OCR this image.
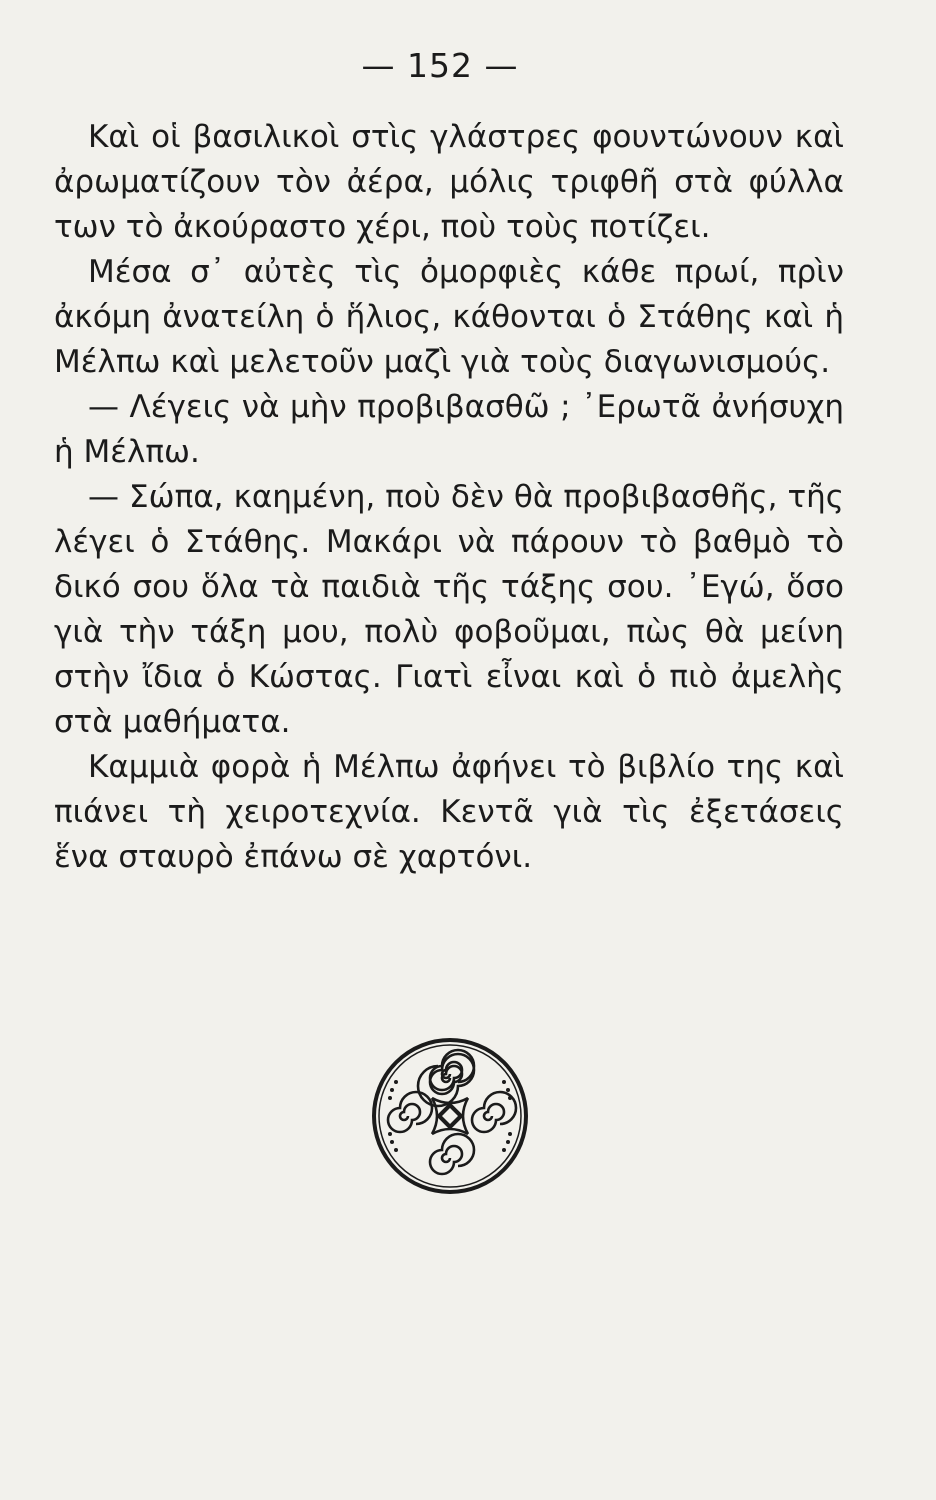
— 152 —

Καὶ οἱ βασιλικοὶ στὶς γλάστρες φουντώνουν καὶ ἀρωματίζουν τὸν ἀέρα, μόλις τριφθῆ στὰ φύλλα των τὸ ἀκούραστο χέρι, ποὺ τοὺς ποτίζει.

Μέσα σ᾿ αὐτὲς τὶς ὀμορφιὲς κάθε πρωί, πρὶν ἀκόμη ἀνατείλη ὁ ἥλιος, κάθονται ὁ Στάθης καὶ ἡ Μέλπω καὶ μελετοῦν μαζὶ γιὰ τοὺς διαγωνισμούς.

— Λέγεις νὰ μὴν προβιβασθῶ ; ᾿Ερωτᾶ ἀνήσυχη ἡ Μέλπω.

— Σώπα, καημένη, ποὺ δὲν θὰ προβιβασθῆς, τῆς λέγει ὁ Στάθης. Μακάρι νὰ πάρουν τὸ βαθμὸ τὸ δικό σου ὅλα τὰ παιδιὰ τῆς τάξης σου. ᾿Εγώ, ὅσο γιὰ τὴν τάξη μου, πολὺ φοβοῦμαι, πὼς θὰ μείνη στὴν ἴδια ὁ Κώστας. Γιατὶ εἶναι καὶ ὁ πιὸ ἀμελὴς στὰ μαθήματα.

Καμμιὰ φορὰ ἡ Μέλπω ἀφήνει τὸ βιβλίο της καὶ πιάνει τὴ χειροτεχνία. Κεντᾶ γιὰ τὶς ἐξετάσεις ἕνα σταυρὸ ἐπάνω σὲ χαρτόνι.
